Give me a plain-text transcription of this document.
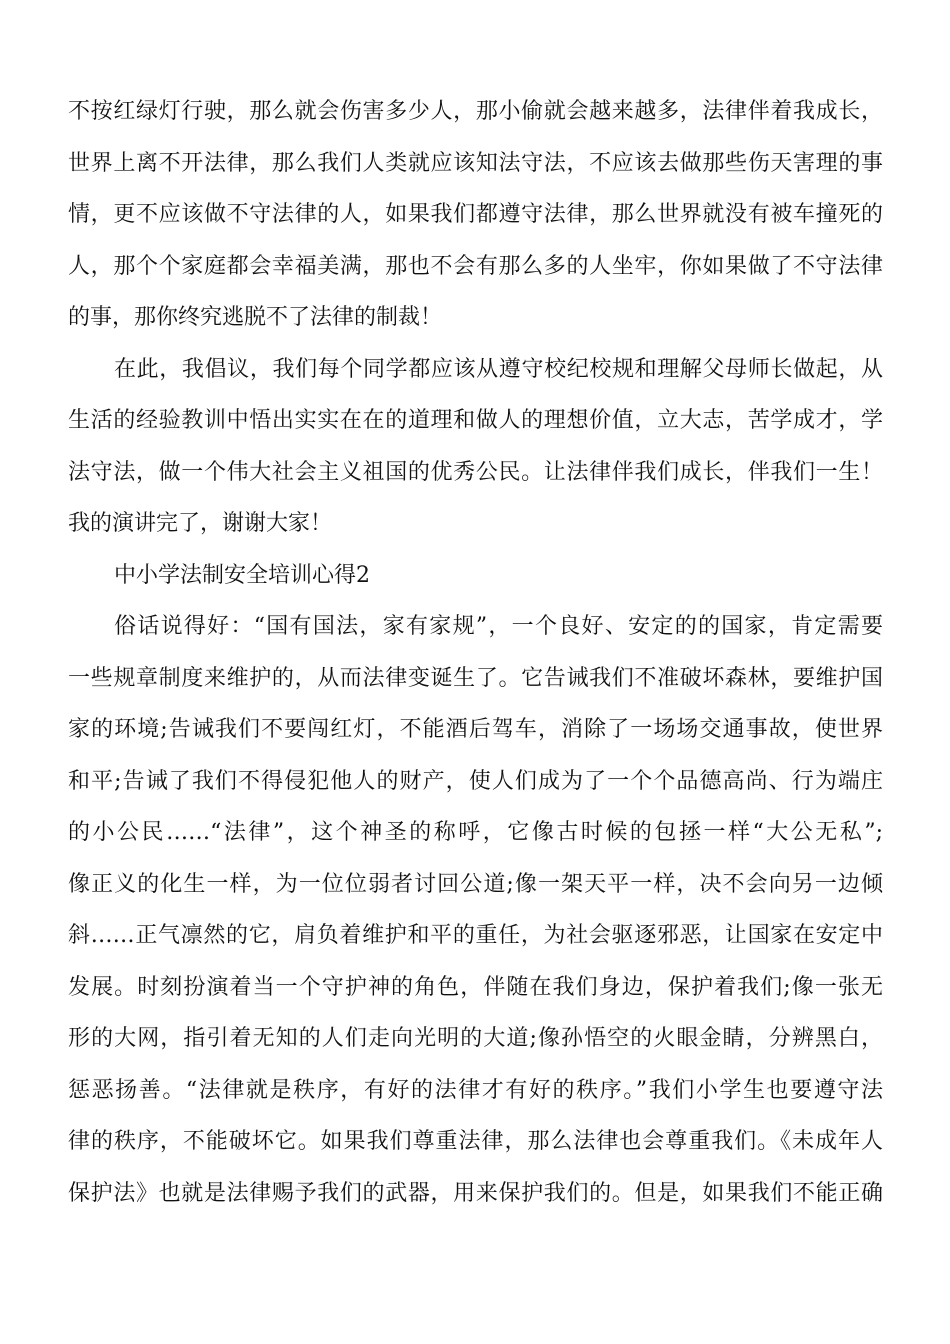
不按红绿灯行驶，那么就会伤害多少人，那小偷就会越来越多，法律伴着我成长，
世界上离不开法律，那么我们人类就应该知法守法，不应该去做那些伤天害理的事
情，更不应该做不守法律的人，如果我们都遵守法律，那么世界就没有被车撞死的
人，那个个家庭都会幸福美满，那也不会有那么多的人坐牢，你如果做了不守法律
的事，那你终究逃脱不了法律的制裁！
在此，我倡议，我们每个同学都应该从遵守校纪校规和理解父母师长做起，从
生活的经验教训中悟出实实在在的道理和做人的理想价值，立大志，苦学成才，学
法守法，做一个伟大社会主义祖国的优秀公民。让法律伴我们成长，伴我们一生！
我的演讲完了，谢谢大家！
中小学法制安全培训心得2
俗话说得好：“国有国法，家有家规”，一个良好、安定的的国家，肯定需要
一些规章制度来维护的，从而法律变诞生了。它告诫我们不准破坏森林，要维护国
家的环境;告诫我们不要闯红灯，不能酒后驾车，消除了一场场交通事故，使世界
和平;告诫了我们不得侵犯他人的财产，使人们成为了一个个品德高尚、行为端庄
的小公民……“法律”，这个神圣的称呼，它像古时候的包拯一样“大公无私”;
像正义的化生一样，为一位位弱者讨回公道;像一架天平一样，决不会向另一边倾
斜……正气凛然的它，肩负着维护和平的重任，为社会驱逐邪恶，让国家在安定中
发展。时刻扮演着当一个守护神的角色，伴随在我们身边，保护着我们;像一张无
形的大网，指引着无知的人们走向光明的大道;像孙悟空的火眼金睛，分辨黑白，
惩恶扬善。“法律就是秩序，有好的法律才有好的秩序。”我们小学生也要遵守法
律的秩序，不能破坏它。如果我们尊重法律，那么法律也会尊重我们。《未成年人
保护法》也就是法律赐予我们的武器，用来保护我们的。但是，如果我们不能正确
